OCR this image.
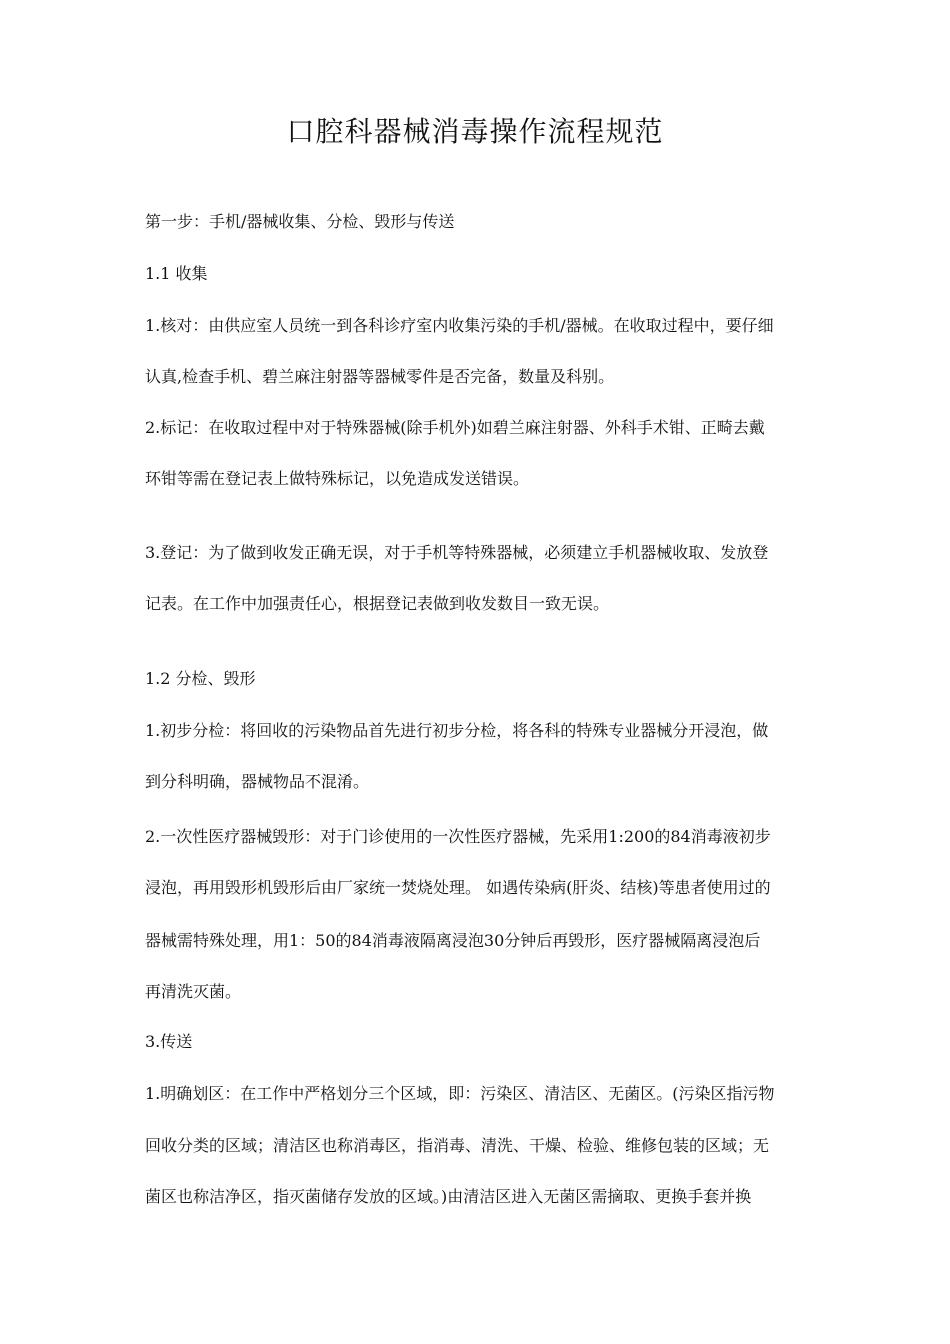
口腔科器械消毒操作流程规范
第一步：手机/器械收集、分检、毁形与传送
1.1 收集
1.核对：由供应室人员统一到各科诊疗室内收集污染的手机/器械。在收取过程中，要仔细
认真,检查手机、碧兰麻注射器等器械零件是否完备，数量及科别。
2.标记：在收取过程中对于特殊器械(除手机外)如碧兰麻注射器、外科手术钳、正畸去戴
环钳等需在登记表上做特殊标记，以免造成发送错误。
3.登记：为了做到收发正确无误，对于手机等特殊器械，必须建立手机器械收取、发放登
记表。在工作中加强责任心，根据登记表做到收发数目一致无误。
1.2 分检、毁形
1.初步分检：将回收的污染物品首先进行初步分检，将各科的特殊专业器械分开浸泡，做
到分科明确，器械物品不混淆。
2.一次性医疗器械毁形：对于门诊使用的一次性医疗器械，先采用1:200的84消毒液初步
浸泡，再用毁形机毁形后由厂家统一焚烧处理。 如遇传染病(肝炎、结核)等患者使用过的
器械需特殊处理，用1：50的84消毒液隔离浸泡30分钟后再毁形，医疗器械隔离浸泡后
再清洗灭菌。
3.传送
1.明确划区：在工作中严格划分三个区域，即：污染区、清洁区、无菌区。(污染区指污物
回收分类的区域；清洁区也称消毒区，指消毒、清洗、干燥、检验、维修包装的区域；无
菌区也称洁净区，指灭菌储存发放的区域。)由清洁区进入无菌区需摘取、更换手套并换
